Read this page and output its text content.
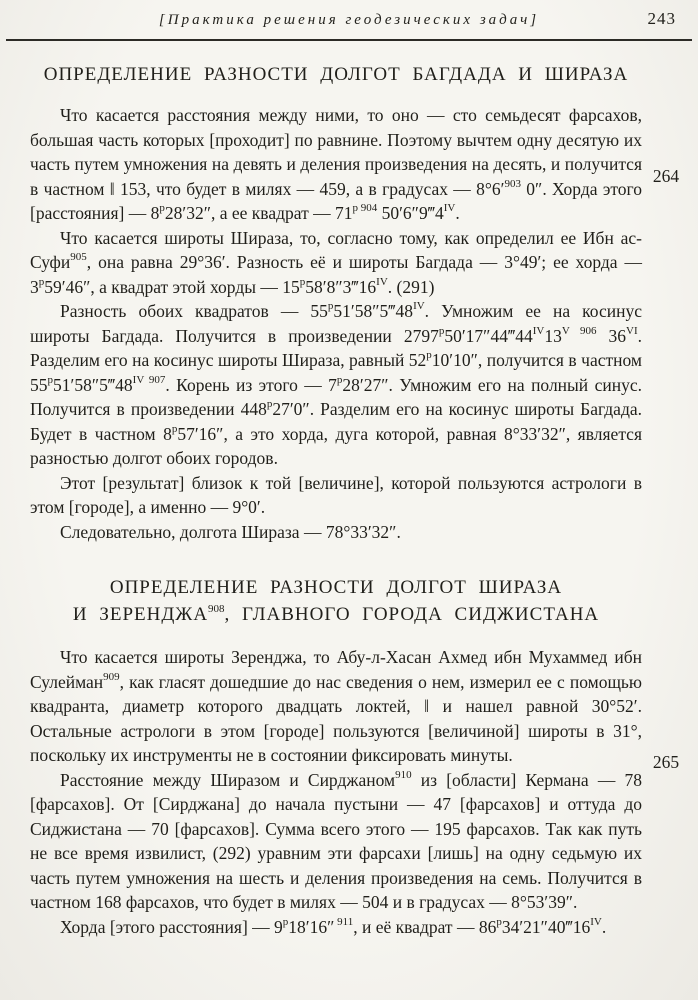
[Практика решения геодезических задач]	243
ОПРЕДЕЛЕНИЕ РАЗНОСТИ ДОЛГОТ БАГДАДА И ШИРАЗА

Что касается расстояния между ними, то оно — сто семьдесят фарсахов, большая часть которых [проходит] по равнине. Поэтому вычтем одну десятую их часть путем умножения на девять и деления произведения на десять, и получится в частном ‖ 153, что будет в милях — 459, а в градусах — $8^\circ 6'^{903}$ 0″. Хорда этого [расстояния] — 8$^p$28′32″, а ее квадрат — $71^{p 904}$ $50'6''9‴4^{IV}$.

Что касается широты Шираза, то, согласно тому, как определил ее Ибн ас-Суфи$^{905}$, она равна 29°36′. Разность её и широты Багдада — 3°49′; ее хорда — 3$^p$59′46″, а квадрат этой хорды — $15^p58'8''3‴16^{IV}$. (291)

Разность обоих квадратов — $55^p51'58''5‴48^{IV}$. Умножим ее на косинус широты Багдада. Получится в произведении $2797^p50'17''44‴44^{IV}13^{V 906}$ $36^{VI}$. Разделим его на косинус широты Шираза, равный 52$^p$10′10″, получится в частном $55^p51'58''5‴48^{IV 907}$. Корень из этого — 7$^p$28′27″. Умножим его на полный синус. Получится в произведении 448$^p$27′0″. Разделим его на косинус широты Багдада. Будет в частном 8$^p$57′16″, а это хорда, дуга которой, равная 8°33′32″, является разностью долгот обоих городов.

Этот [результат] близок к той [величине], которой пользуются астрологи в этом [городе], а именно — 9°0′.

Следовательно, долгота Шираза — 78°33′32″.

ОПРЕДЕЛЕНИЕ РАЗНОСТИ ДОЛГОТ ШИРАЗА
И ЗЕРЕНДЖА$^{908}$, ГЛАВНОГО ГОРОДА СИДЖИСТАНА

Что касается широты Зеренджа, то Абу-л-Хасан Ахмед ибн Мухаммед ибн Сулейман$^{909}$, как гласят дошедшие до нас сведения о нем, измерил ее с помощью квадранта, диаметр которого двадцать локтей, ‖ и нашел равной 30°52′. Остальные астрологи в этом [городе] пользуются [величиной] широты в 31°, поскольку их инструменты не в состоянии фиксировать минуты.

Расстояние между Ширазом и Сирджаном$^{910}$ из [области] Кермана — 78 [фарсахов]. От [Сирджана] до начала пустыни — 47 [фарсахов] и оттуда до Сиджистана — 70 [фарсахов]. Сумма всего этого — 195 фарсахов. Так как путь не все время извилист, (292) уравним эти фарсахи [лишь] на одну седьмую их часть путем умножения на шесть и деления произведения на семь. Получится в частном 168 фарсахов, что будет в милях — 504 и в градусах — 8°53′39″.

Хорда [этого расстояния] — 9$^p$18′16″ $^{911}$, и её квадрат — $86^p34'21''40‴16^{IV}$.

264
265
